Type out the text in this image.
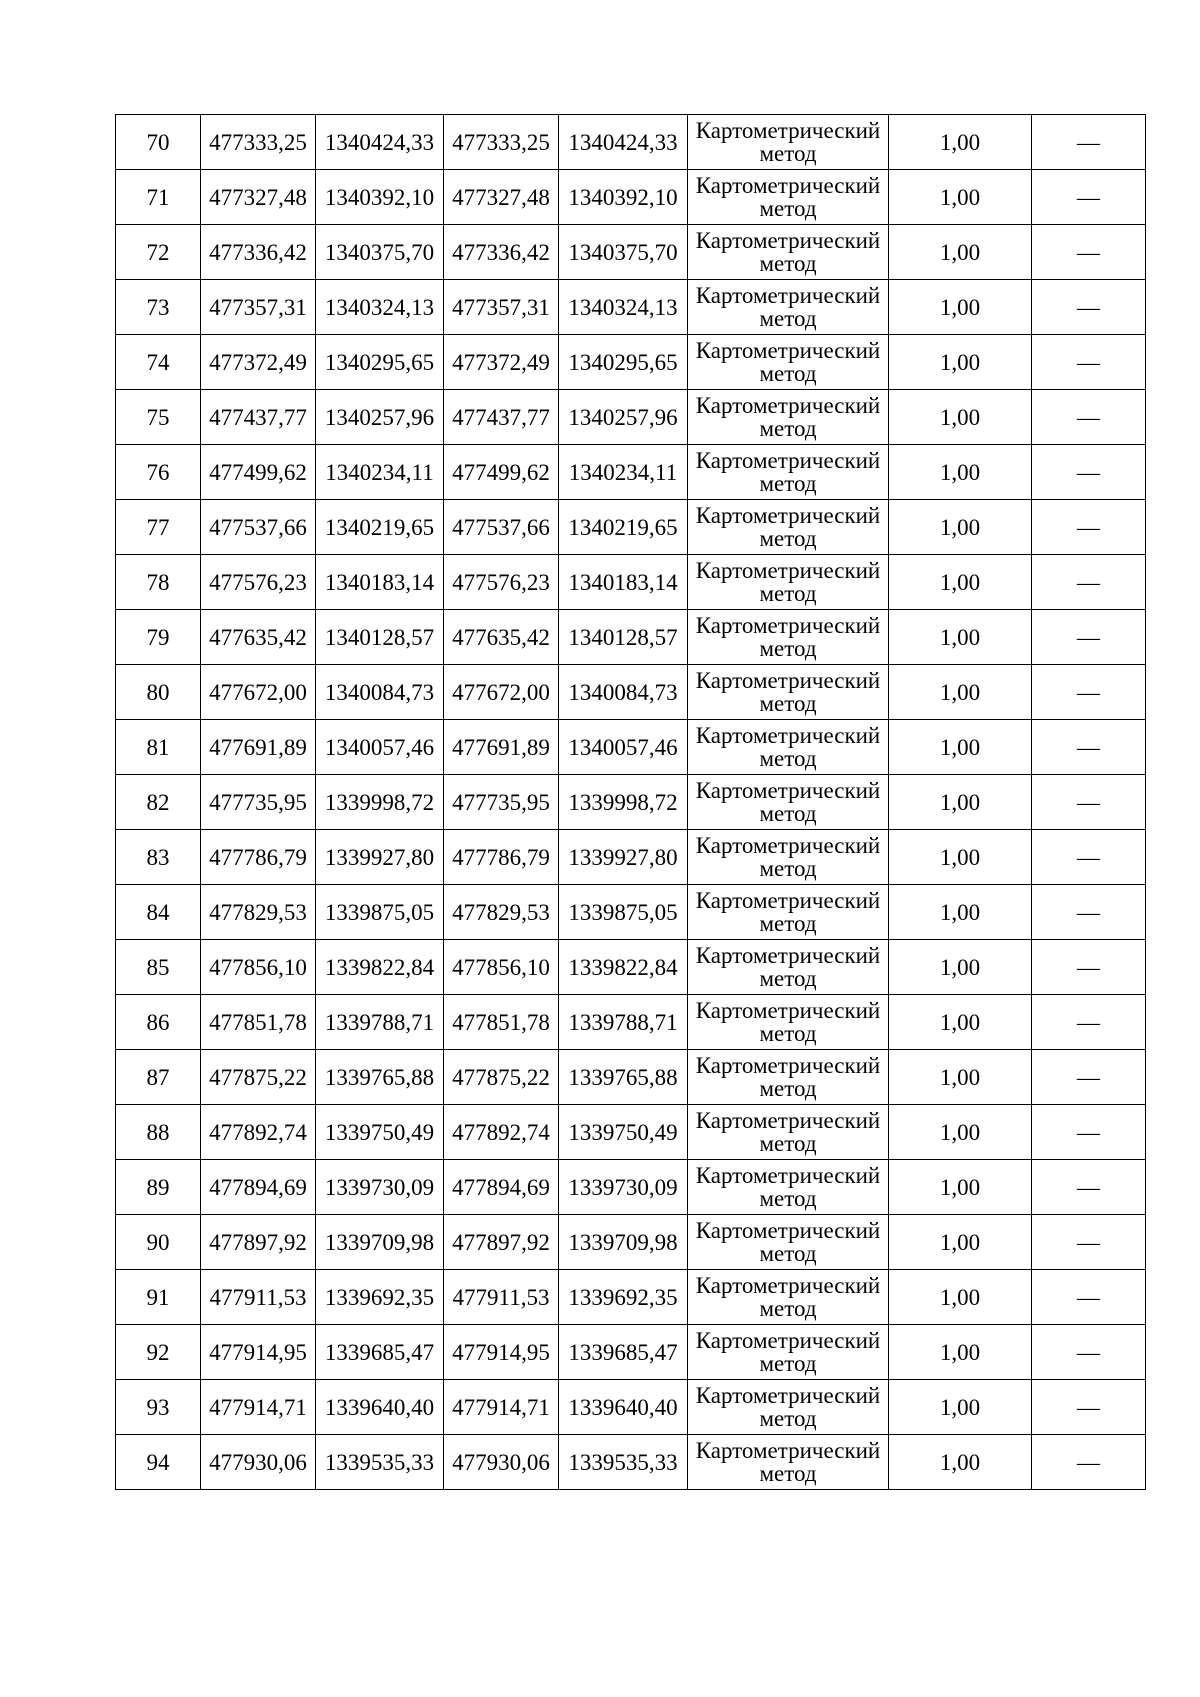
70	477333,25	1340424,33	477333,25	1340424,33	Картометрический
метод	1,00	—
71	477327,48	1340392,10	477327,48	1340392,10	Картометрический
метод	1,00	—
72	477336,42	1340375,70	477336,42	1340375,70	Картометрический
метод	1,00	—
73	477357,31	1340324,13	477357,31	1340324,13	Картометрический
метод	1,00	—
74	477372,49	1340295,65	477372,49	1340295,65	Картометрический
метод	1,00	—
75	477437,77	1340257,96	477437,77	1340257,96	Картометрический
метод	1,00	—
76	477499,62	1340234,11	477499,62	1340234,11	Картометрический
метод	1,00	—
77	477537,66	1340219,65	477537,66	1340219,65	Картометрический
метод	1,00	—
78	477576,23	1340183,14	477576,23	1340183,14	Картометрический
метод	1,00	—
79	477635,42	1340128,57	477635,42	1340128,57	Картометрический
метод	1,00	—
80	477672,00	1340084,73	477672,00	1340084,73	Картометрический
метод	1,00	—
81	477691,89	1340057,46	477691,89	1340057,46	Картометрический
метод	1,00	—
82	477735,95	1339998,72	477735,95	1339998,72	Картометрический
метод	1,00	—
83	477786,79	1339927,80	477786,79	1339927,80	Картометрический
метод	1,00	—
84	477829,53	1339875,05	477829,53	1339875,05	Картометрический
метод	1,00	—
85	477856,10	1339822,84	477856,10	1339822,84	Картометрический
метод	1,00	—
86	477851,78	1339788,71	477851,78	1339788,71	Картометрический
метод	1,00	—
87	477875,22	1339765,88	477875,22	1339765,88	Картометрический
метод	1,00	—
88	477892,74	1339750,49	477892,74	1339750,49	Картометрический
метод	1,00	—
89	477894,69	1339730,09	477894,69	1339730,09	Картометрический
метод	1,00	—
90	477897,92	1339709,98	477897,92	1339709,98	Картометрический
метод	1,00	—
91	477911,53	1339692,35	477911,53	1339692,35	Картометрический
метод	1,00	—
92	477914,95	1339685,47	477914,95	1339685,47	Картометрический
метод	1,00	—
93	477914,71	1339640,40	477914,71	1339640,40	Картометрический
метод	1,00	—
94	477930,06	1339535,33	477930,06	1339535,33	Картометрический
метод	1,00	—
